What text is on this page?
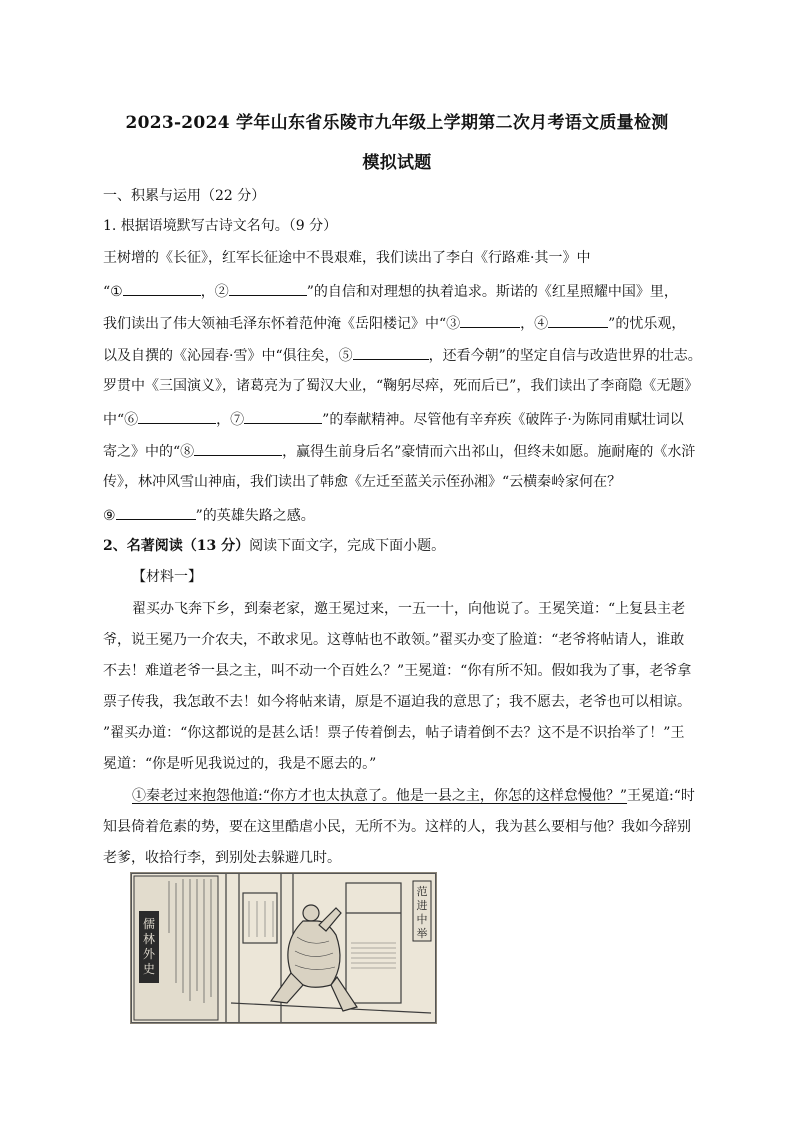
2023-2024 学年山东省乐陵市九年级上学期第二次月考语文质量检测
模拟试题
一、积累与运用（22 分）
1. 根据语境默写古诗文名句。（9 分）
王树增的《长征》，红军长征途中不畏艰难，我们读出了李白《行路难·其一》中
“①	，②	”的自信和对理想的执着追求。斯诺的《红星照耀中国》里，
我们读出了伟大领袖毛泽东怀着范仲淹《岳阳楼记》中“③	，④	”的忧乐观，
以及自撰的《沁园春·雪》中“俱往矣，⑤	，还看今朝”的坚定自信与改造世界的壮志。
罗贯中《三国演义》，诸葛亮为了蜀汉大业，“鞠躬尽瘁，死而后已”，我们读出了李商隐《无题》
中“⑥	，⑦	”的奉献精神。尽管他有辛弃疾《破阵子·为陈同甫赋壮词以
寄之》中的“⑧	，赢得生前身后名”豪情而六出祁山，但终未如愿。施耐庵的《水浒
传》，林冲风雪山神庙，我们读出了韩愈《左迁至蓝关示侄孙湘》“云横秦岭家何在？
⑨	”的英雄失路之感。
2、名著阅读（13 分）阅读下面文字，完成下面小题。
【材料一】
翟买办飞奔下乡，到秦老家，邀王冕过来，一五一十，向他说了。王冕笑道：“上复县主老
爷，说王冕乃一介农夫，不敢求见。这尊帖也不敢领。”翟买办变了脸道：“老爷将帖请人，谁敢
不去！难道老爷一县之主，叫不动一个百姓么？”王冕道：“你有所不知。假如我为了事，老爷拿
票子传我，我怎敢不去！如今将帖来请，原是不逼迫我的意思了；我不愿去，老爷也可以相谅。
”翟买办道：“你这都说的是甚么话！票子传着倒去，帖子请着倒不去？这不是不识抬举了！”王
冕道：“你是听见我说过的，我是不愿去的。”
①秦老过来抱怨他道:“你方才也太执意了。他是一县之主，你怎的这样怠慢他？”王冕道:“时
知县倚着危素的势，要在这里酷虐小民，无所不为。这样的人，我为甚么要相与他？我如今辞别
老爹，收拾行李，到别处去躲避几时。
儒
林
外
史
范
进
中
举
